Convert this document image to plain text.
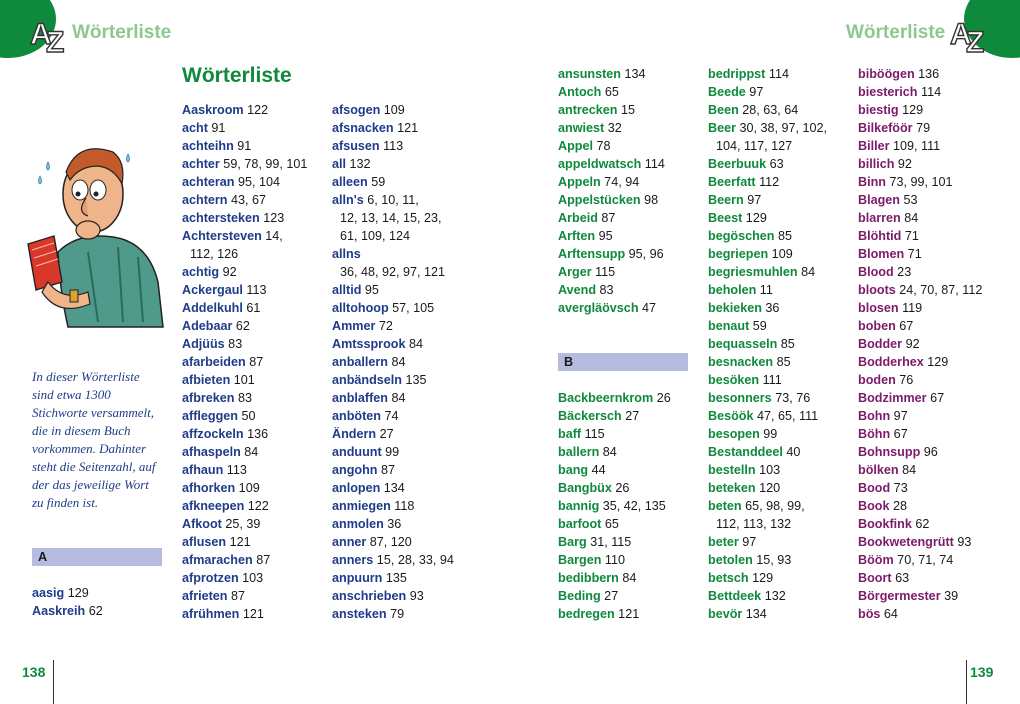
A
Z	A
Z
Wörterliste	Wörterliste
Wörterliste
In dieser Wörterliste sind etwa 1300 Stichworte versammelt, die in diesem Buch vorkommen. Dahinter steht die Seitenzahl, auf der das jeweilige Wort zu finden ist.
A
aasig 129
Aaskreih 62
Aaskroom 122
acht 91
achteihn 91
achter 59, 78, 99, 101
achteran 95, 104
achtern 43, 67
achtersteken 123
Achtersteven 14,
112, 126
achtig 92
Ackergaul 113
Addelkuhl 61
Adebaar 62
Adjüüs 83
afarbeiden 87
afbieten 101
afbreken 83
affleggen 50
affzockeln 136
afhaspeln 84
afhaun 113
afhorken 109
afkneepen 122
Afkoot 25, 39
aflusen 121
afmarachen 87
afprotzen 103
afrieten 87
afrühmen 121
afsogen 109
afsnacken 121
afsusen 113
all 132
alleen 59
alln's 6, 10, 11,
12, 13, 14, 15, 23,
61, 109, 124
allns
36, 48, 92, 97, 121
alltid 95
alltohoop 57, 105
Ammer 72
Amtssprook 84
anballern 84
anbändseln 135
anblaffen 84
anböten 74
Ändern 27
anduunt 99
angohn 87
anlopen 134
anmiegen 118
anmolen 36
anner 87, 120
anners 15, 28, 33, 94
anpuurn 135
anschrieben 93
ansteken 79
ansunsten 134
Antoch 65
antrecken 15
anwiest 32
Appel 78
appeldwatsch 114
Appeln 74, 94
Appelstücken 98
Arbeid 87
Arften 95
Arftensupp 95, 96
Arger 115
Avend 83
avergläövsch 47
B
Backbeernkrom 26
Bäckersch 27
baff 115
ballern 84
bang 44
Bangbüx 26
bannig 35, 42, 135
barfoot 65
Barg 31, 115
Bargen 110
bedibbern 84
Beding 27
bedregen 121
bedrippst 114
Beede 97
Been 28, 63, 64
Beer 30, 38, 97, 102,
104, 117, 127
Beerbuuk 63
Beerfatt 112
Beern 97
Beest 129
begöschen 85
begriepen 109
begriesmuhlen 84
beholen 11
bekieken 36
benaut 59
bequasseln 85
besnacken 85
besöken 111
besonners 73, 76
Besöök 47, 65, 111
besopen 99
Bestanddeel 40
bestelln 103
beteken 120
beten 65, 98, 99,
112, 113, 132
beter 97
betolen 15, 93
betsch 129
Bettdeek 132
bevör 134
biböögen 136
biesterich 114
biestig 129
Bilkeföör 79
Biller 109, 111
billich 92
Binn 73, 99, 101
Blagen 53
blarren 84
Blöhtid 71
Blomen 71
Blood 23
bloots 24, 70, 87, 112
blosen 119
boben 67
Bodder 92
Bodderhex 129
boden 76
Bodzimmer 67
Bohn 97
Böhn 67
Bohnsupp 96
bölken 84
Bood 73
Book 28
Bookfink 62
Bookwetengrütt 93
Bööm 70, 71, 74
Boort 63
Börgermester 39
bös 64
138	139
